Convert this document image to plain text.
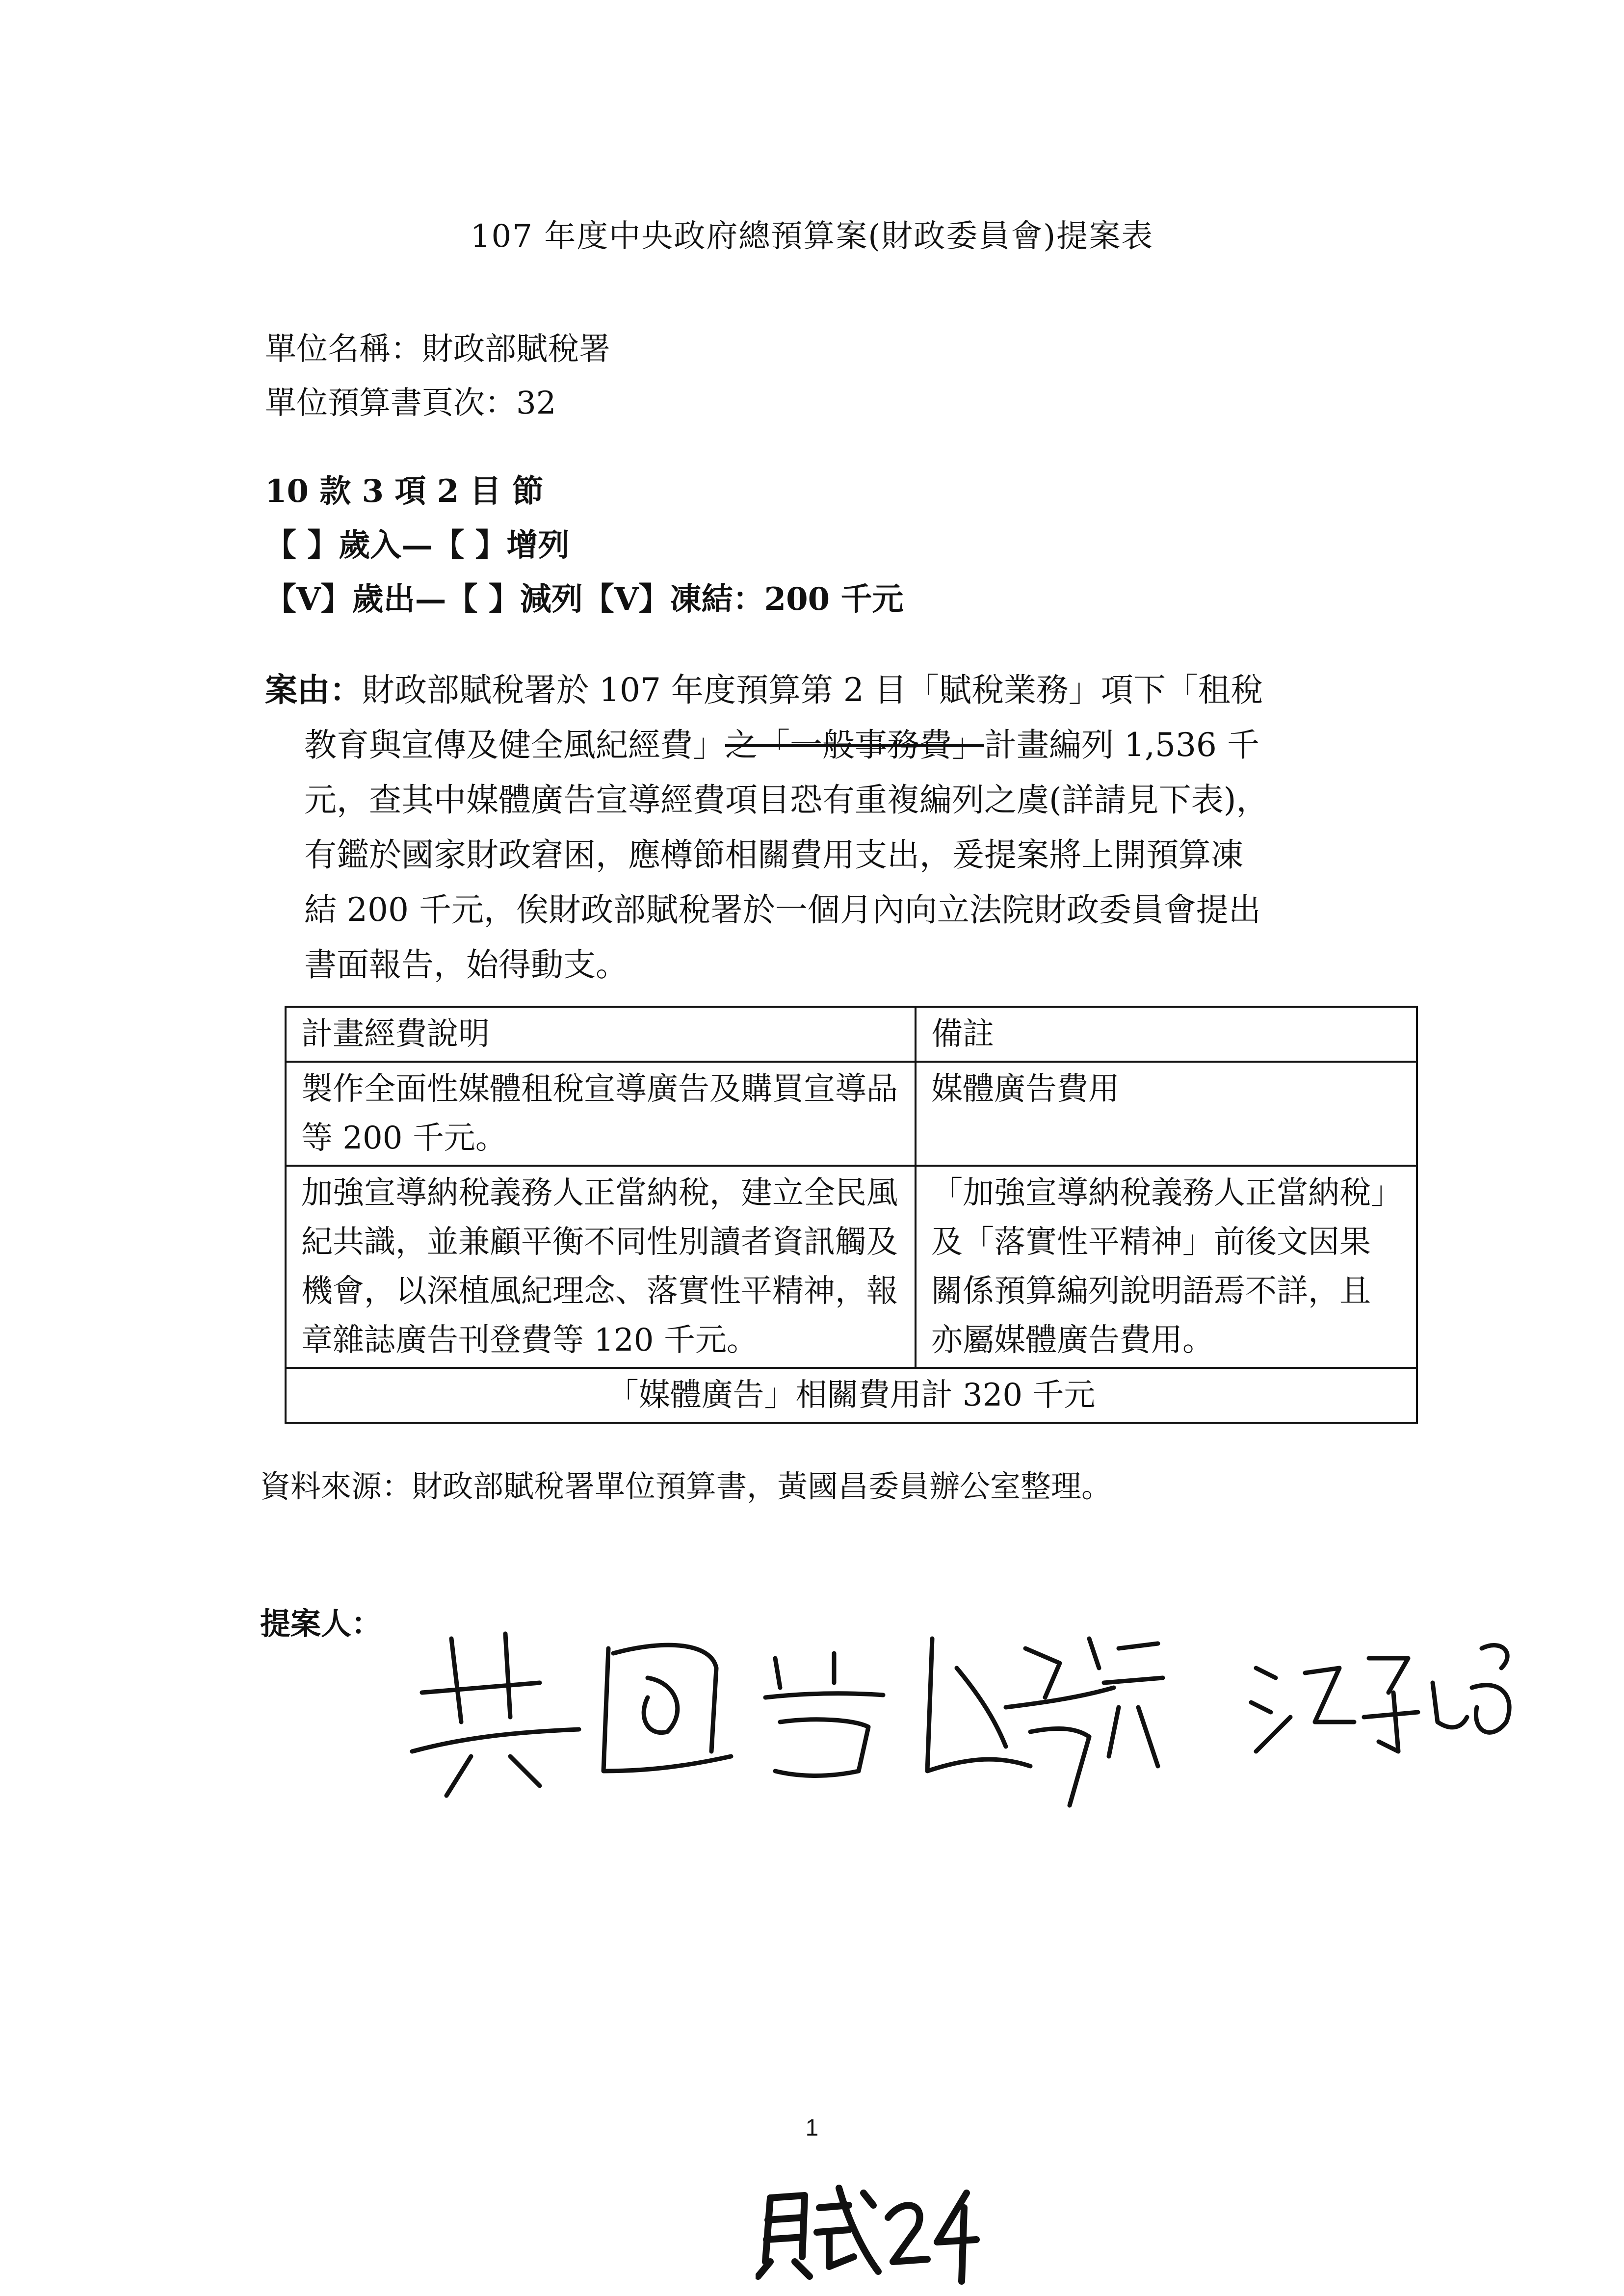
107 年度中央政府總預算案(財政委員會)提案表
單位名稱：財政部賦稅署
單位預算書頁次：32
10 款 3 項 2 目 節
【 】歲入—【 】增列
【V】歲出—【 】減列【V】凍結：200 千元
案由：財政部賦稅署於 107 年度預算第 2 目「賦稅業務」項下「租稅
教育與宣傳及健全風紀經費」之「一般事務費」計畫編列 1,536 千
元，查其中媒體廣告宣導經費項目恐有重複編列之虞(詳請見下表)，
有鑑於國家財政窘困，應樽節相關費用支出，爰提案將上開預算凍
結 200 千元，俟財政部賦稅署於一個月內向立法院財政委員會提出
書面報告，始得動支。
計畫經費說明	備註
製作全面性媒體租稅宣導廣告及購買宣導品等 200 千元。	媒體廣告費用
加強宣導納稅義務人正當納稅，建立全民風紀共識，並兼顧平衡不同性別讀者資訊觸及機會，以深植風紀理念、落實性平精神，報章雜誌廣告刊登費等 120 千元。	「加強宣導納稅義務人正當納稅」及「落實性平精神」前後文因果關係預算編列說明語焉不詳，且亦屬媒體廣告費用。
「媒體廣告」相關費用計 320 千元	
資料來源：財政部賦稅署單位預算書，黃國昌委員辦公室整理。
提案人：
1
